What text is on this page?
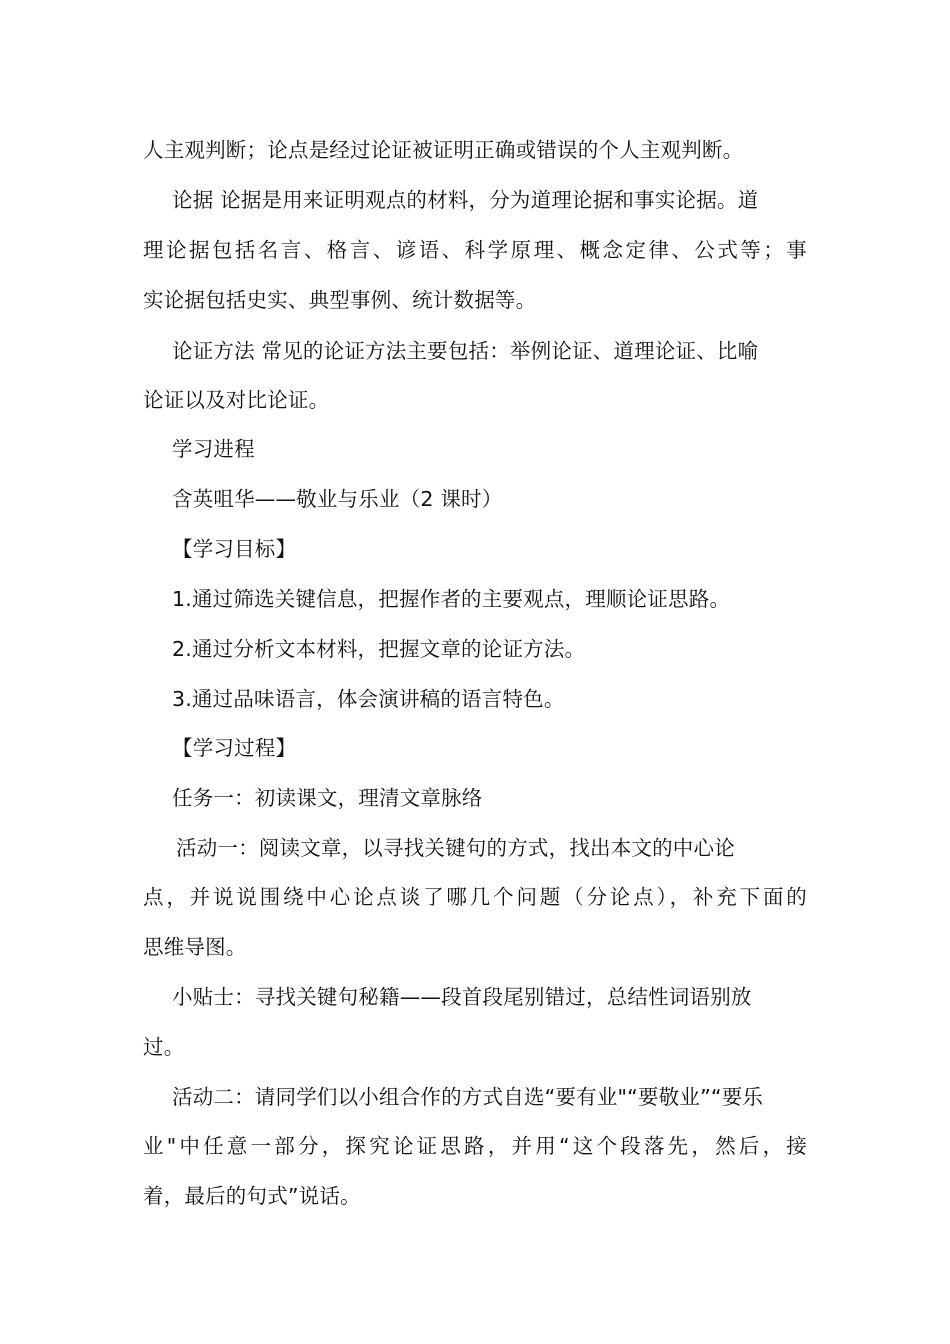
人主观判断；论点是经过论证被证明正确或错误的个人主观判断。
论据 论据是用来证明观点的材料，分为道理论据和事实论据。道
理论据包括名言、格言、谚语、科学原理、概念定律、公式等；事
实论据包括史实、典型事例、统计数据等。
论证方法 常见的论证方法主要包括：举例论证、道理论证、比喻
论证以及对比论证。
学习进程
含英咀华——敬业与乐业（2 课时）
【学习目标】
1.通过筛选关键信息，把握作者的主要观点，理顺论证思路。
2.通过分析文本材料，把握文章的论证方法。
3.通过品味语言，体会演讲稿的语言特色。
【学习过程】
任务一：初读课文，理清文章脉络
活动一：阅读文章，以寻找关键句的方式，找出本文的中心论
点，并说说围绕中心论点谈了哪几个问题（分论点），补充下面的
思维导图。
小贴士：寻找关键句秘籍——段首段尾别错过，总结性词语别放
过。
活动二：请同学们以小组合作的方式自选“要有业"“要敬业”“要乐
业"中任意一部分，探究论证思路，并用“这个段落先，然后，接
着，最后的句式”说话。
